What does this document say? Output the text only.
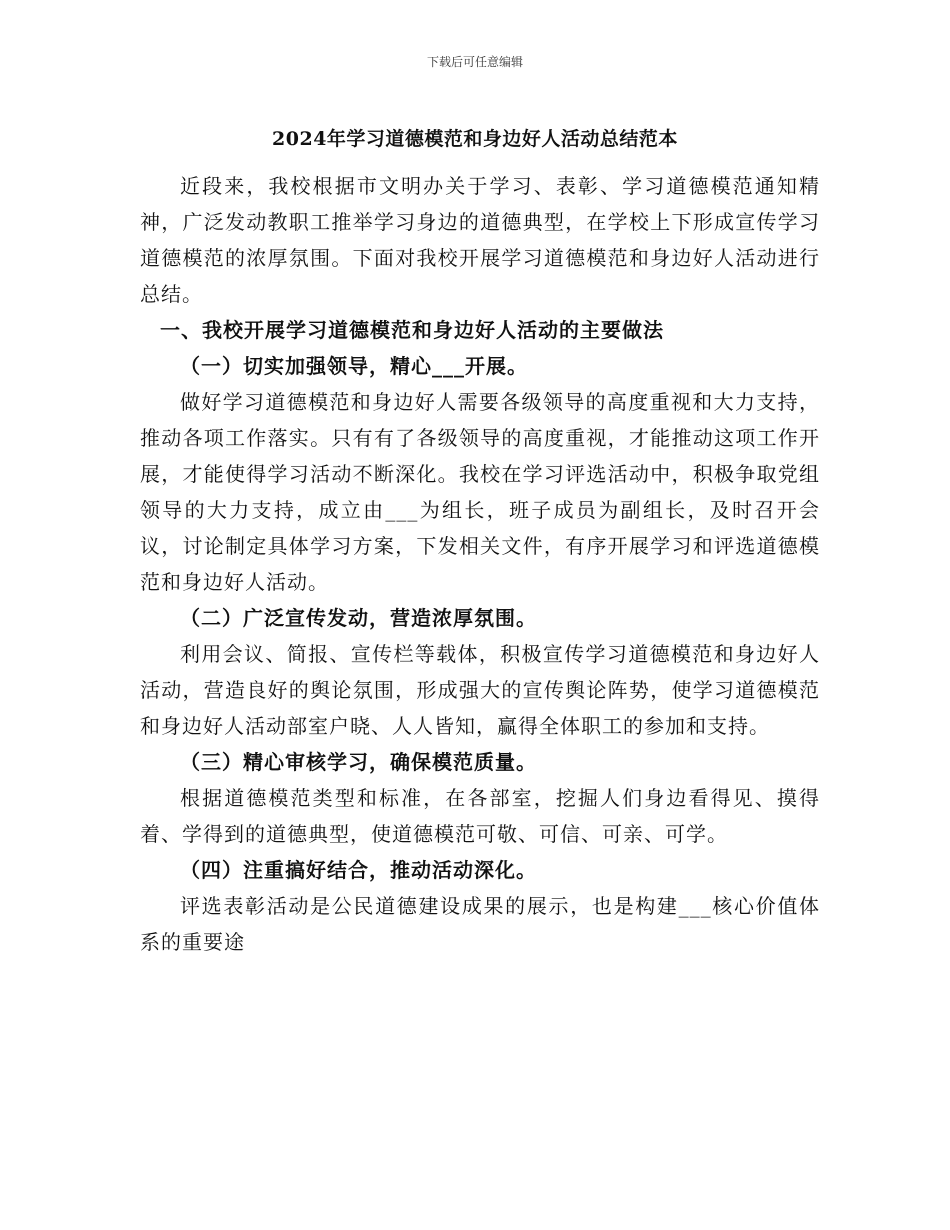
下载后可任意编辑
2024年学习道德模范和身边好人活动总结范本

近段来，我校根据市文明办关于学习、表彰、学习道德模范通知精神，广泛发动教职工推举学习身边的道德典型，在学校上下形成宣传学习道德模范的浓厚氛围。下面对我校开展学习道德模范和身边好人活动进行总结。

一、我校开展学习道德模范和身边好人活动的主要做法

（一）切实加强领导，精心___开展。

做好学习道德模范和身边好人需要各级领导的高度重视和大力支持，推动各项工作落实。只有有了各级领导的高度重视，才能推动这项工作开展，才能使得学习活动不断深化。我校在学习评选活动中，积极争取党组领导的大力支持，成立由___为组长，班子成员为副组长，及时召开会议，讨论制定具体学习方案，下发相关文件，有序开展学习和评选道德模范和身边好人活动。

（二）广泛宣传发动，营造浓厚氛围。

利用会议、简报、宣传栏等载体，积极宣传学习道德模范和身边好人活动，营造良好的舆论氛围，形成强大的宣传舆论阵势，使学习道德模范和身边好人活动部室户晓、人人皆知，赢得全体职工的参加和支持。

（三）精心审核学习，确保模范质量。

根据道德模范类型和标准，在各部室，挖掘人们身边看得见、摸得着、学得到的道德典型，使道德模范可敬、可信、可亲、可学。

（四）注重搞好结合，推动活动深化。

评选表彰活动是公民道德建设成果的展示，也是构建___核心价值体系的重要途
